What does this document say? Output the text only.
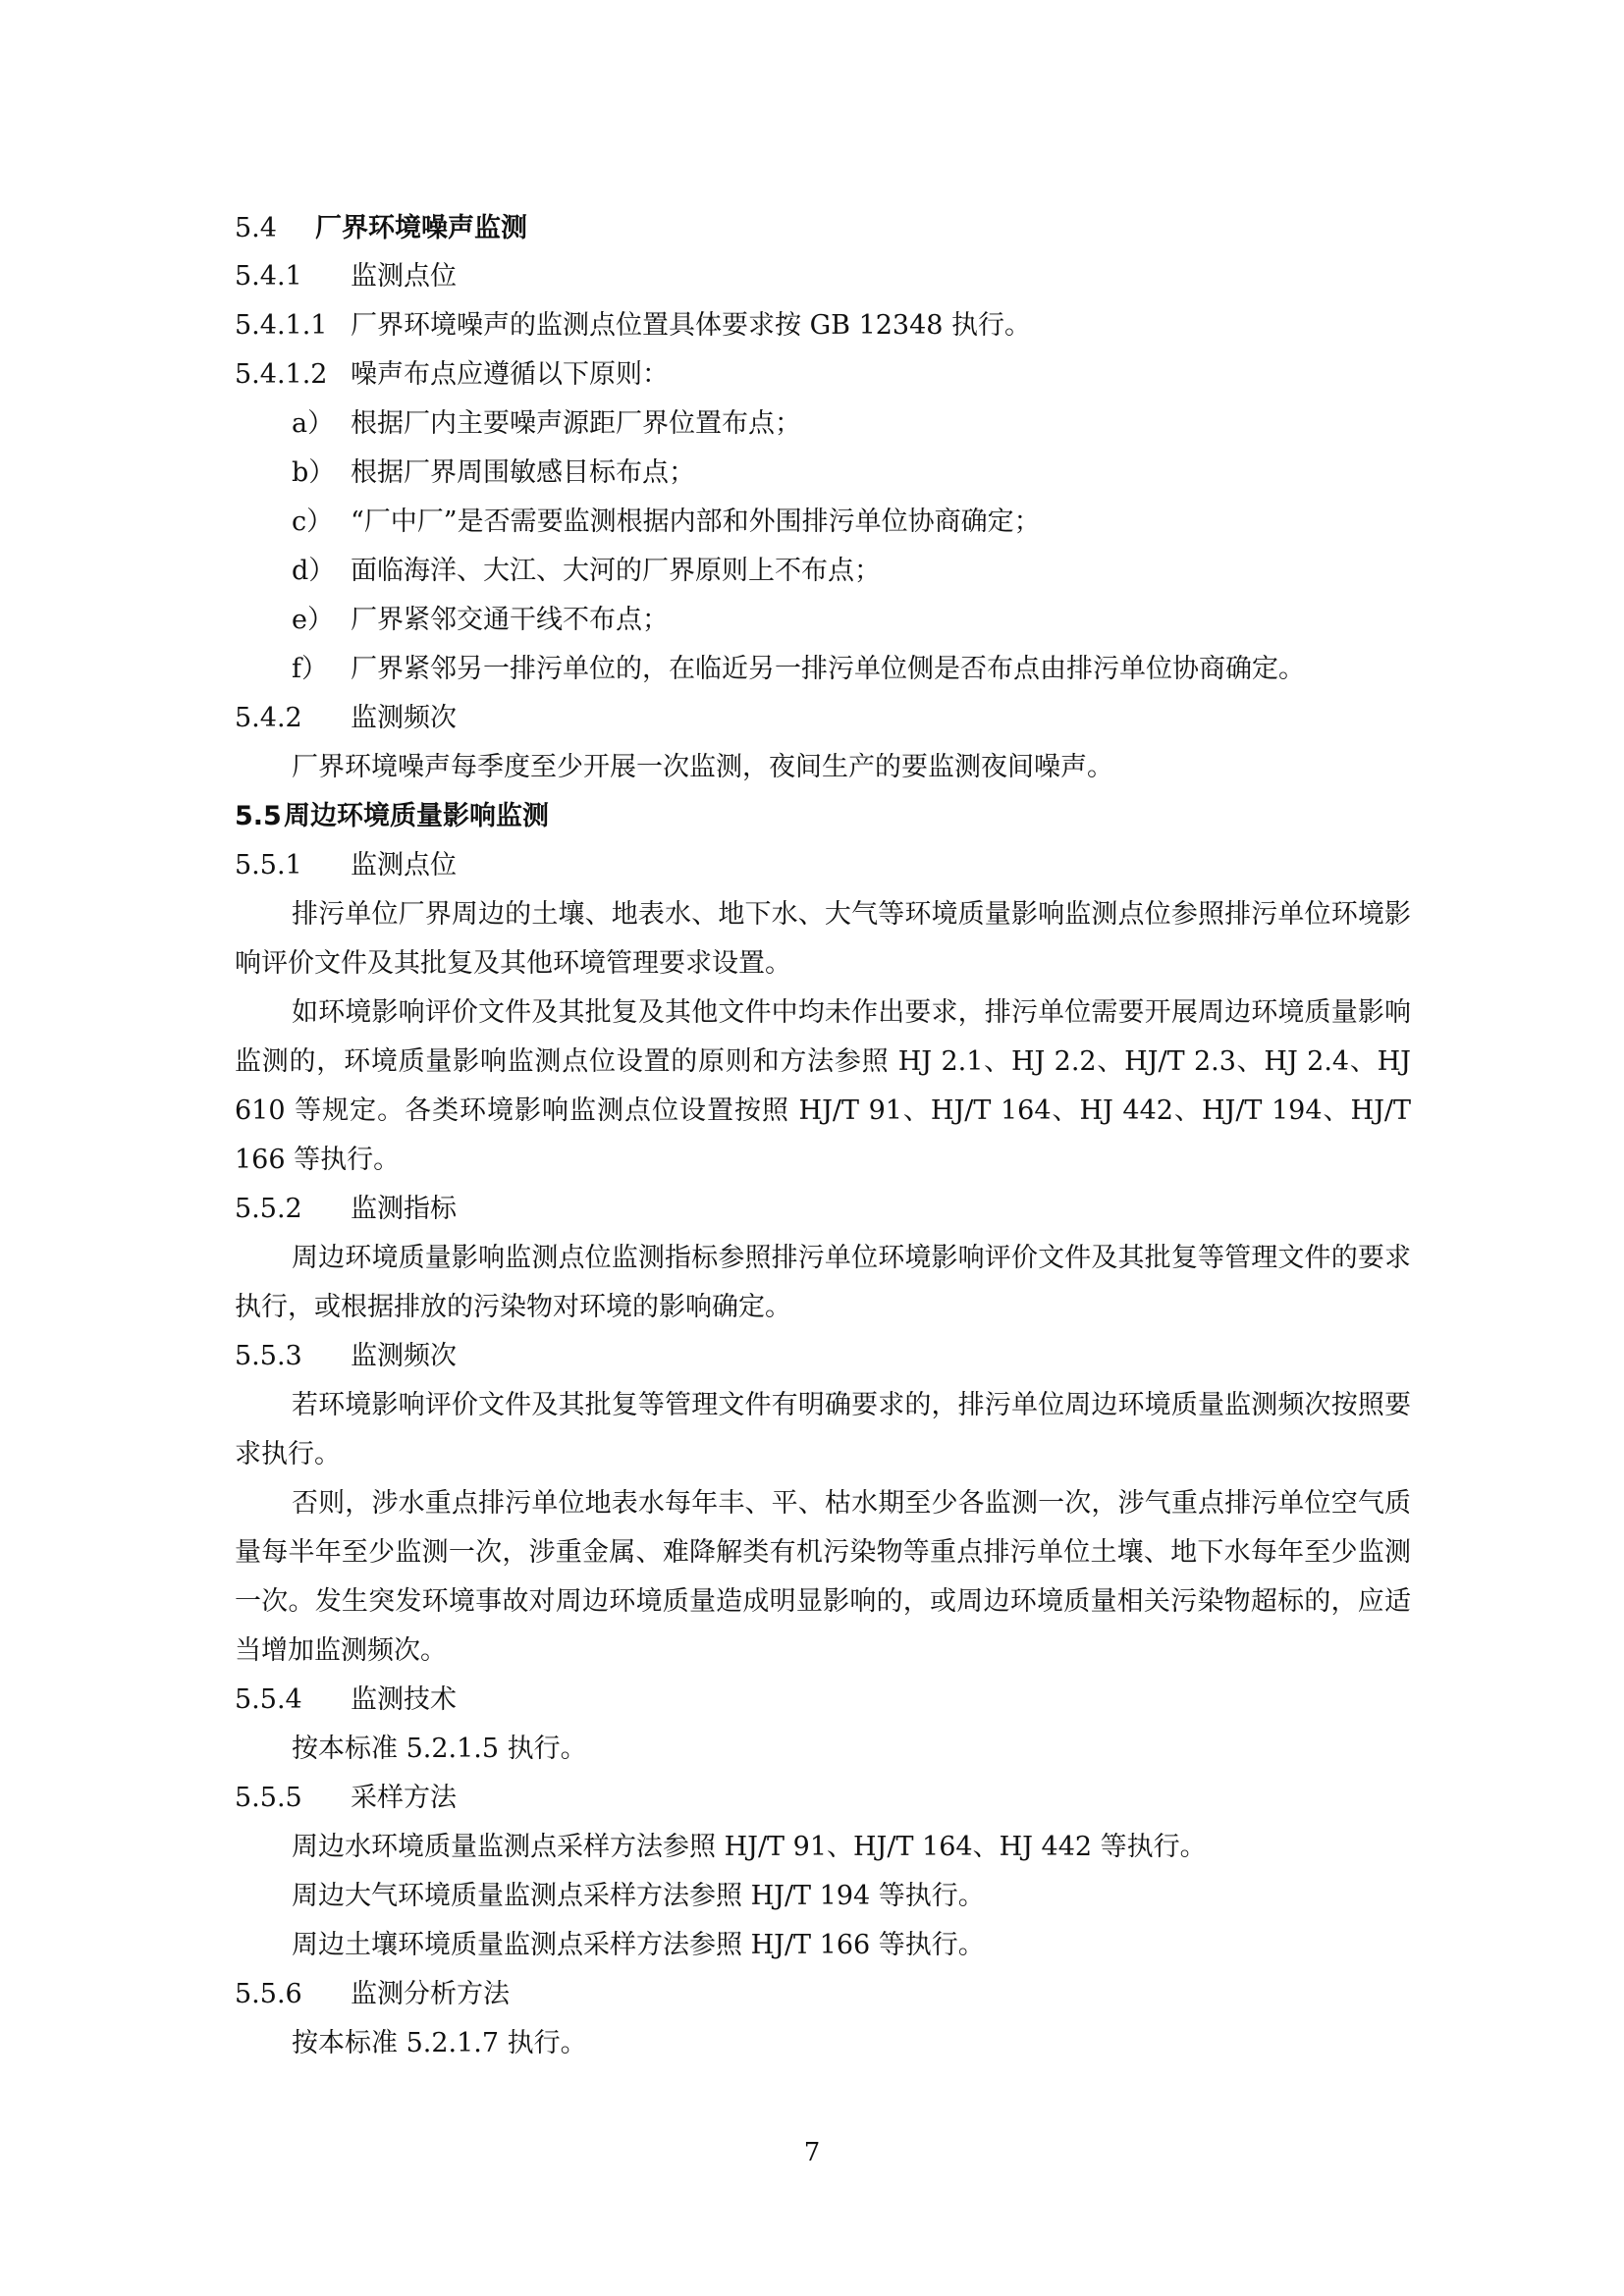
5.4 厂界环境噪声监测
5.4.1 监测点位
5.4.1.1 厂界环境噪声的监测点位置具体要求按 GB 12348 执行。
5.4.1.2 噪声布点应遵循以下原则：
a） 根据厂内主要噪声源距厂界位置布点；
b） 根据厂界周围敏感目标布点；
c） “厂中厂”是否需要监测根据内部和外围排污单位协商确定；
d） 面临海洋、大江、大河的厂界原则上不布点；
e） 厂界紧邻交通干线不布点；
f） 厂界紧邻另一排污单位的，在临近另一排污单位侧是否布点由排污单位协商确定。
5.4.2 监测频次

厂界环境噪声每季度至少开展一次监测，夜间生产的要监测夜间噪声。

5.5 周边环境质量影响监测
5.5.1 监测点位

排污单位厂界周边的土壤、地表水、地下水、大气等环境质量影响监测点位参照排污单位环境影响评价文件及其批复及其他环境管理要求设置。

如环境影响评价文件及其批复及其他文件中均未作出要求，排污单位需要开展周边环境质量影响监测的，环境质量影响监测点位设置的原则和方法参照 HJ 2.1、HJ 2.2、HJ/T 2.3、HJ 2.4、HJ 610 等规定。各类环境影响监测点位设置按照 HJ/T 91、HJ/T 164、HJ 442、HJ/T 194、HJ/T 166 等执行。

5.5.2 监测指标

周边环境质量影响监测点位监测指标参照排污单位环境影响评价文件及其批复等管理文件的要求执行，或根据排放的污染物对环境的影响确定。

5.5.3 监测频次

若环境影响评价文件及其批复等管理文件有明确要求的，排污单位周边环境质量监测频次按照要求执行。

否则，涉水重点排污单位地表水每年丰、平、枯水期至少各监测一次，涉气重点排污单位空气质量每半年至少监测一次，涉重金属、难降解类有机污染物等重点排污单位土壤、地下水每年至少监测一次。发生突发环境事故对周边环境质量造成明显影响的，或周边环境质量相关污染物超标的，应适当增加监测频次。

5.5.4 监测技术

按本标准 5.2.1.5 执行。

5.5.5 采样方法

周边水环境质量监测点采样方法参照 HJ/T 91、HJ/T 164、HJ 442 等执行。

周边大气环境质量监测点采样方法参照 HJ/T 194 等执行。

周边土壤环境质量监测点采样方法参照 HJ/T 166 等执行。

5.5.6 监测分析方法

按本标准 5.2.1.7 执行。

7
